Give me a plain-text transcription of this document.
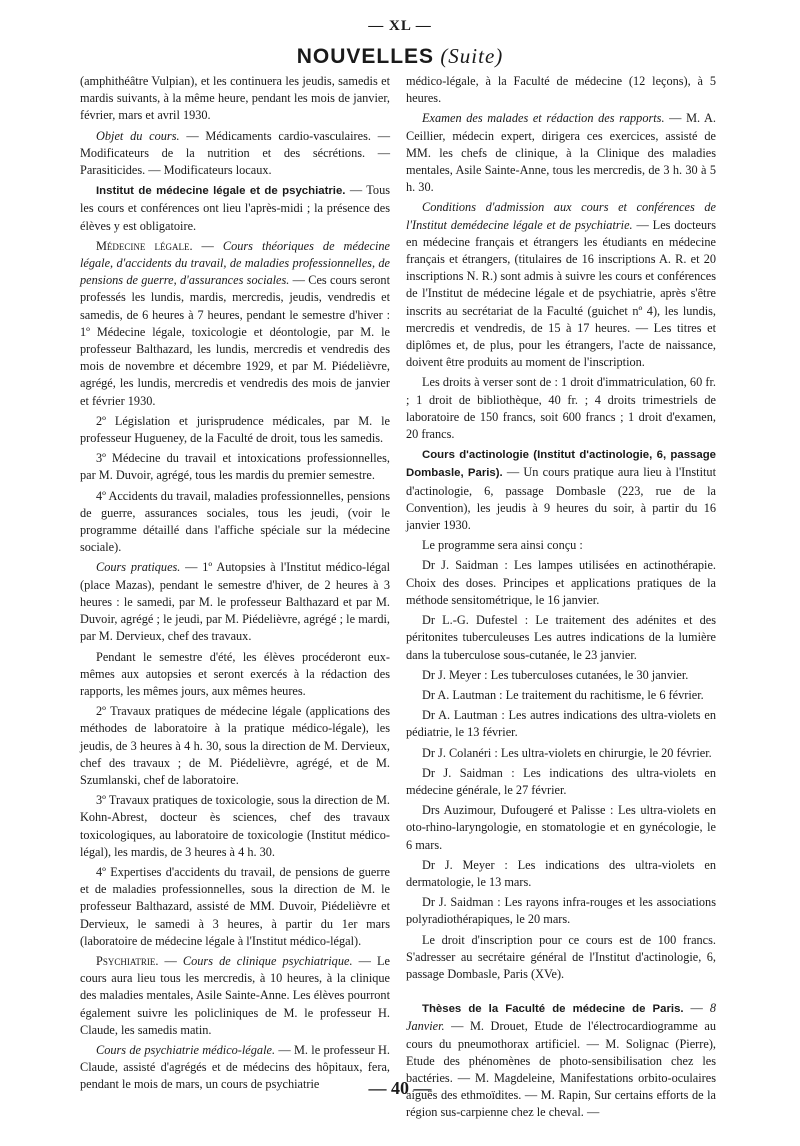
— XL —
NOUVELLES (Suite)

(amphithéâtre Vulpian), et les continuera les jeudis, samedis et mardis suivants, à la même heure, pendant les mois de janvier, février, mars et avril 1930.

Objet du cours. — Médicaments cardio-vasculaires. — Modificateurs de la nutrition et des sécrétions. — Parasiticides. — Modificateurs locaux.

Institut de médecine légale et de psychiatrie. — Tous les cours et conférences ont lieu l'après-midi ; la présence des élèves y est obligatoire.

Médecine légale. — Cours théoriques de médecine légale, d'accidents du travail, de maladies professionnelles, de pensions de guerre, d'assurances sociales. — Ces cours seront professés les lundis, mardis, mercredis, jeudis, vendredis et samedis, de 6 heures à 7 heures, pendant le semestre d'hiver : 1º Médecine légale, toxicologie et déontologie, par M. le professeur Balthazard, les lundis, mercredis et vendredis des mois de novembre et décembre 1929, et par M. Piédelièvre, agrégé, les lundis, mercredis et vendredis des mois de janvier et février 1930.

2º Législation et jurisprudence médicales, par M. le professeur Hugueney, de la Faculté de droit, tous les samedis.

3º Médecine du travail et intoxications professionnelles, par M. Duvoir, agrégé, tous les mardis du premier semestre.

4º Accidents du travail, maladies professionnelles, pensions de guerre, assurances sociales, tous les jeudi, (voir le programme détaillé dans l'affiche spéciale sur la médecine sociale).

Cours pratiques. — 1º Autopsies à l'Institut médico-légal (place Mazas), pendant le semestre d'hiver, de 2 heures à 3 heures : le samedi, par M. le professeur Balthazard et par M. Duvoir, agrégé ; le jeudi, par M. Piédelièvre, agrégé ; le mardi, par M. Dervieux, chef des travaux.

Pendant le semestre d'été, les élèves procéderont eux-mêmes aux autopsies et seront exercés à la rédaction des rapports, les mêmes jours, aux mêmes heures.

2º Travaux pratiques de médecine légale (applications des méthodes de laboratoire à la pratique médico-légale), les jeudis, de 3 heures à 4 h. 30, sous la direction de M. Dervieux, chef des travaux ; de M. Piédelièvre, agrégé, et de M. Szumlanski, chef de laboratoire.

3º Travaux pratiques de toxicologie, sous la direction de M. Kohn-Abrest, docteur ès sciences, chef des travaux toxicologiques, au laboratoire de toxicologie (Institut médico-légal), les mardis, de 3 heures à 4 h. 30.

4º Expertises d'accidents du travail, de pensions de guerre et de maladies professionnelles, sous la direction de M. le professeur Balthazard, assisté de MM. Duvoir, Piédelièvre et Dervieux, le samedi à 3 heures, à partir du 1er mars (laboratoire de médecine légale à l'Institut médico-légal).

Psychiatrie. — Cours de clinique psychiatrique. — Le cours aura lieu tous les mercredis, à 10 heures, à la clinique des maladies mentales, Asile Sainte-Anne. Les élèves pourront également suivre les policliniques de M. le professeur H. Claude, les samedis matin.

Cours de psychiatrie médico-légale. — M. le professeur H. Claude, assisté d'agrégés et de médecins des hôpitaux, fera, pendant le mois de mars, un cours de psychiatrie

médico-légale, à la Faculté de médecine (12 leçons), à 5 heures.

Examen des malades et rédaction des rapports. — M. A. Ceillier, médecin expert, dirigera ces exercices, assisté de MM. les chefs de clinique, à la Clinique des maladies mentales, Asile Sainte-Anne, tous les mercredis, de 3 h. 30 à 5 h. 30.

Conditions d'admission aux cours et conférences de l'Institut demédecine légale et de psychiatrie. — Les docteurs en médecine français et étrangers les étudiants en médecine français et étrangers, (titulaires de 16 inscriptions A. R. et 20 inscriptions N. R.) sont admis à suivre les cours et conférences de l'Institut de médecine légale et de psychiatrie, après s'être inscrits au secrétariat de la Faculté (guichet nº 4), les lundis, mercredis et vendredis, de 15 à 17 heures. — Les titres et diplômes et, de plus, pour les étrangers, l'acte de naissance, doivent être produits au moment de l'inscription.

Les droits à verser sont de : 1 droit d'immatriculation, 60 fr. ; 1 droit de bibliothèque, 40 fr. ; 4 droits trimestriels de laboratoire de 150 francs, soit 600 francs ; 1 droit d'examen, 20 francs.

Cours d'actinologie (Institut d'actinologie, 6, passage Dombasle, Paris). — Un cours pratique aura lieu à l'Institut d'actinologie, 6, passage Dombasle (223, rue de la Convention), les jeudis à 9 heures du soir, à partir du 16 janvier 1930.

Le programme sera ainsi conçu :

Dr J. Saidman : Les lampes utilisées en actinothérapie. Choix des doses. Principes et applications pratiques de la méthode sensitométrique, le 16 janvier.

Dr L.-G. Dufestel : Le traitement des adénites et des péritonites tuberculeuses Les autres indications de la lumière dans la tuberculose sous-cutanée, le 23 janvier.

Dr J. Meyer : Les tuberculoses cutanées, le 30 janvier.

Dr A. Lautman : Le traitement du rachitisme, le 6 février.

Dr A. Lautman : Les autres indications des ultra-violets en pédiatrie, le 13 février.

Dr J. Colanéri : Les ultra-violets en chirurgie, le 20 février.

Dr J. Saidman : Les indications des ultra-violets en médecine générale, le 27 février.

Drs Auzimour, Dufougeré et Palisse : Les ultra-violets en oto-rhino-laryngologie, en stomatologie et en gynécologie, le 6 mars.

Dr J. Meyer : Les indications des ultra-violets en dermatologie, le 13 mars.

Dr J. Saidman : Les rayons infra-rouges et les associations polyradiothérapiques, le 20 mars.

Le droit d'inscription pour ce cours est de 100 francs. S'adresser au secrétaire général de l'Institut d'actinologie, 6, passage Dombasle, Paris (XVe).

Thèses de la Faculté de médecine de Paris. — 8 Janvier. — M. Drouet, Etude de l'électrocardiogramme au cours du pneumothorax artificiel. — M. Solignac (Pierre), Etude des phénomènes de photo-sensibilisation chez les bactéries. — M. Magdeleine, Manifestations orbito-oculaires aiguës des ethmoïdites. — M. Rapin, Sur certains efforts de la région sus-carpienne chez le cheval. —

— 40 —
